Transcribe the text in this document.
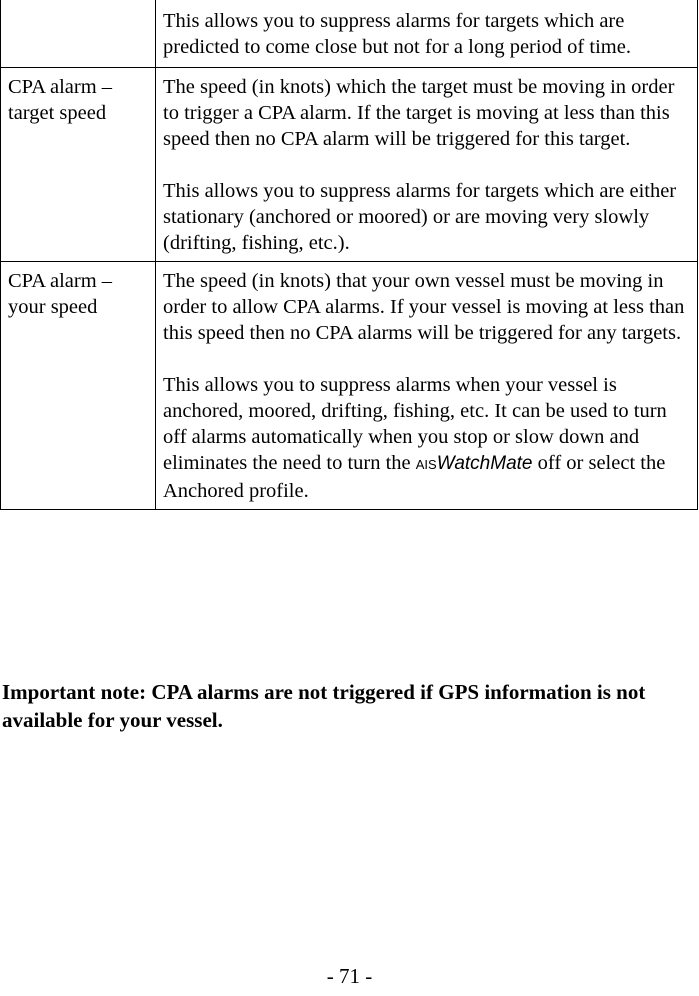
	This allows you to suppress alarms for targets which are predicted to come close but not for a long period of time.

CPA alarm – target speed	The speed (in knots) which the target must be moving in order to trigger a CPA alarm. If the target is moving at less than this speed then no CPA alarm will be triggered for this target.

This allows you to suppress alarms for targets which are either stationary (anchored or moored) or are moving very slowly (drifting, fishing, etc.).

CPA alarm – your speed	The speed (in knots) that your own vessel must be moving in order to allow CPA alarms. If your vessel is moving at less than this speed then no CPA alarms will be triggered for any targets.

This allows you to suppress alarms when your vessel is anchored, moored, drifting, fishing, etc. It can be used to turn off alarms automatically when you stop or slow down and eliminates the need to turn the AISWatchMate off or select the Anchored profile.

Important note: CPA alarms are not triggered if GPS information is not available for your vessel.

- 71 -
